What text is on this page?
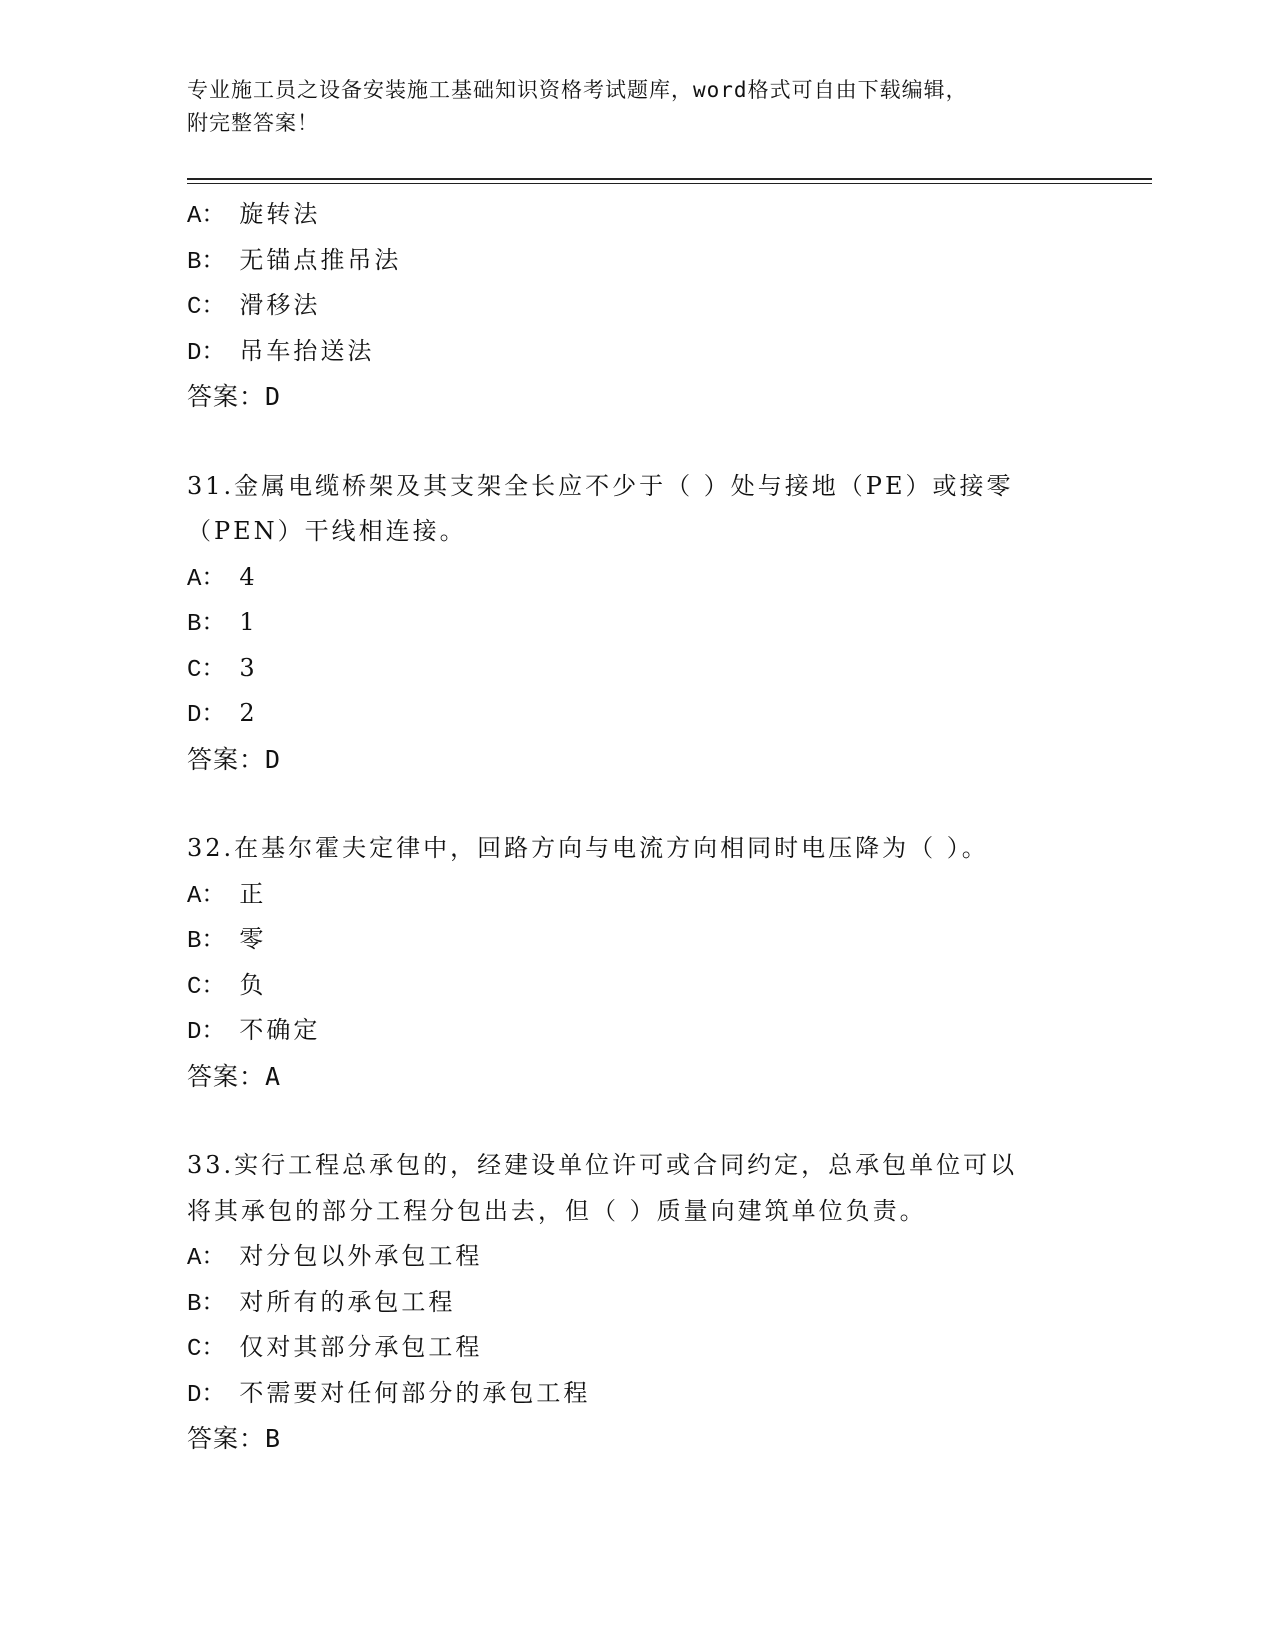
专业施工员之设备安装施工基础知识资格考试题库，word格式可自由下载编辑，
附完整答案！
A： 旋转法
B： 无锚点推吊法
C： 滑移法
D： 吊车抬送法
答案：D
31.金属电缆桥架及其支架全长应不少于（ ）处与接地（PE）或接零
（PEN）干线相连接。
A： 4
B： 1
C： 3
D： 2
答案：D
32.在基尔霍夫定律中，回路方向与电流方向相同时电压降为（ ）。
A： 正
B： 零
C： 负
D： 不确定
答案：A
33.实行工程总承包的，经建设单位许可或合同约定，总承包单位可以
将其承包的部分工程分包出去，但（ ）质量向建筑单位负责。
A： 对分包以外承包工程
B： 对所有的承包工程
C： 仅对其部分承包工程
D： 不需要对任何部分的承包工程
答案：B
